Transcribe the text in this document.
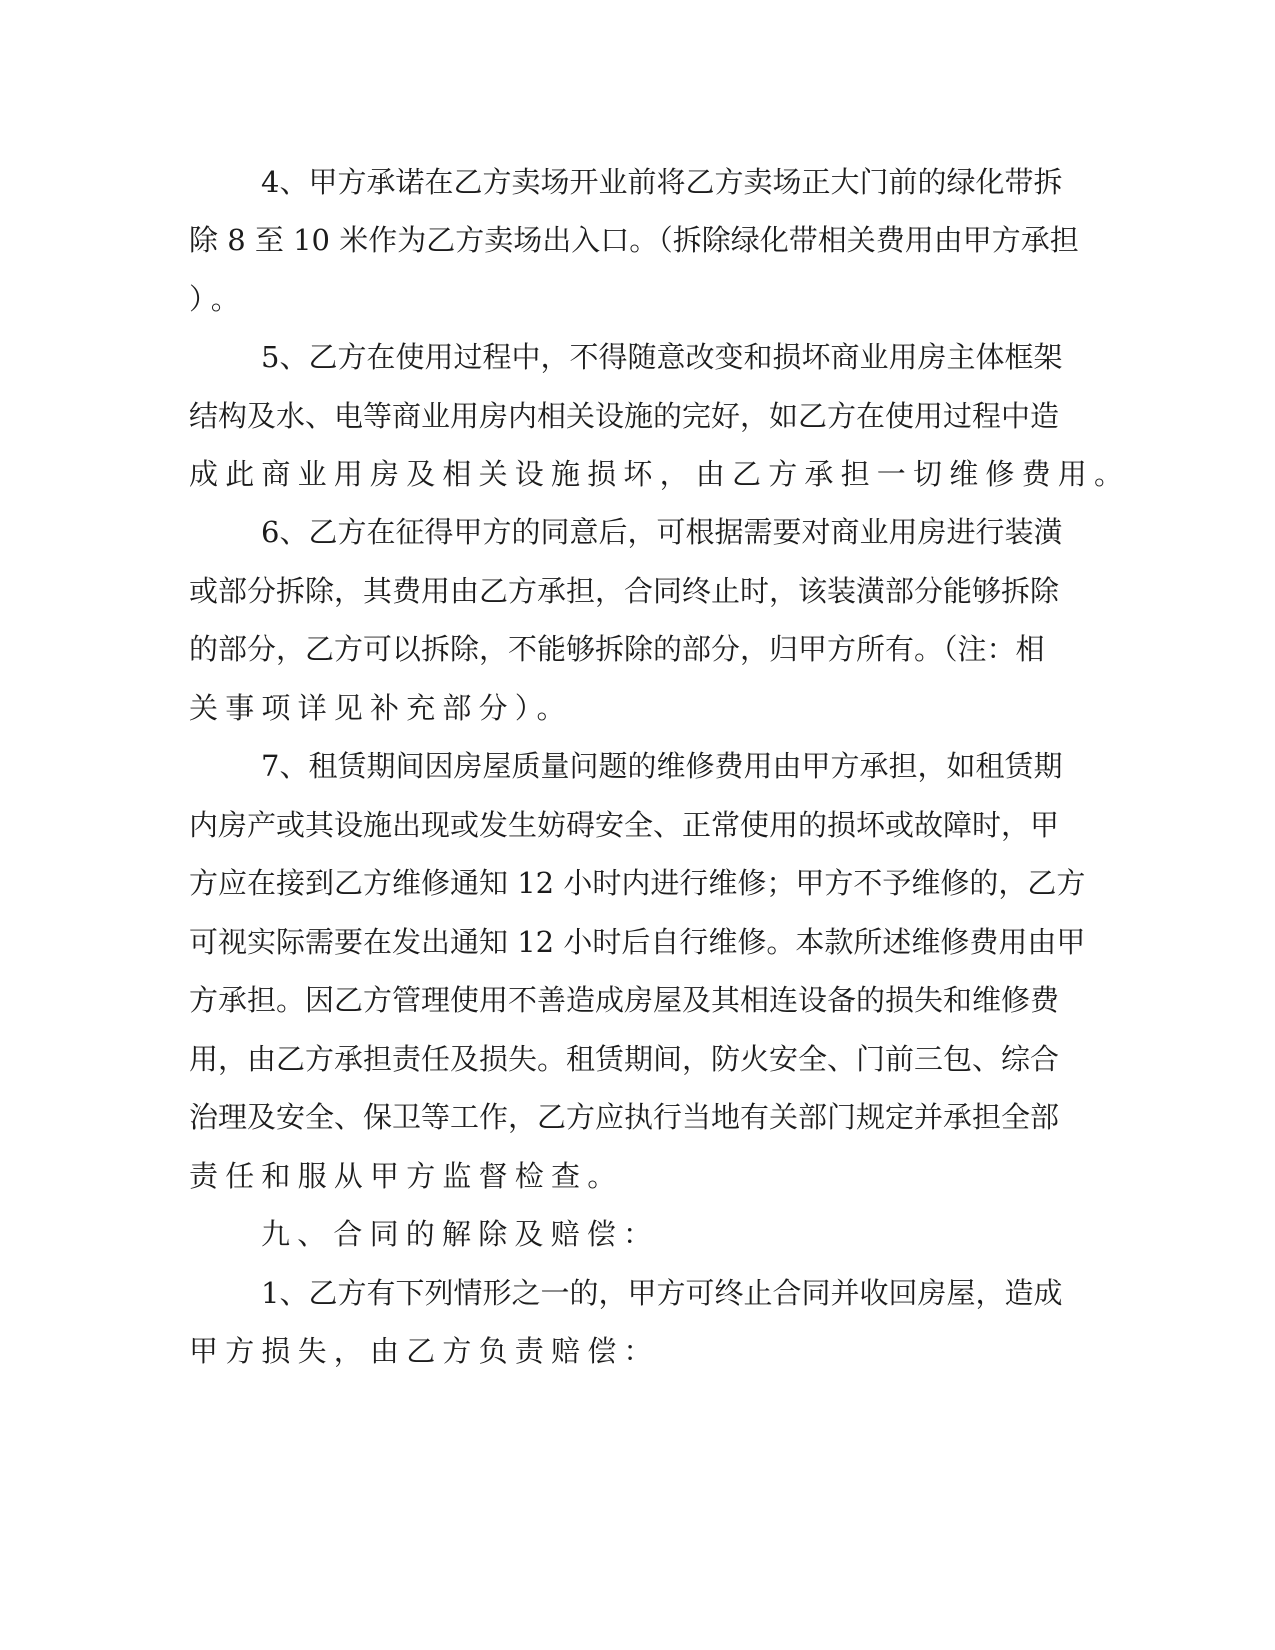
4、甲方承诺在乙方卖场开业前将乙方卖场正大门前的绿化带拆
除 8 至 10 米作为乙方卖场出入口。（拆除绿化带相关费用由甲方承担
）。
5、乙方在使用过程中，不得随意改变和损坏商业用房主体框架
结构及水、电等商业用房内相关设施的完好，如乙方在使用过程中造
成此商业用房及相关设施损坏，由乙方承担一切维修费用。
6、乙方在征得甲方的同意后，可根据需要对商业用房进行装潢
或部分拆除，其费用由乙方承担，合同终止时，该装潢部分能够拆除
的部分，乙方可以拆除，不能够拆除的部分，归甲方所有。（注：相
关事项详见补充部分）。
7、租赁期间因房屋质量问题的维修费用由甲方承担，如租赁期
内房产或其设施出现或发生妨碍安全、正常使用的损坏或故障时，甲
方应在接到乙方维修通知 12 小时内进行维修；甲方不予维修的，乙方
可视实际需要在发出通知 12 小时后自行维修。本款所述维修费用由甲
方承担。因乙方管理使用不善造成房屋及其相连设备的损失和维修费
用，由乙方承担责任及损失。租赁期间，防火安全、门前三包、综合
治理及安全、保卫等工作，乙方应执行当地有关部门规定并承担全部
责任和服从甲方监督检查。
九、合同的解除及赔偿：
1、乙方有下列情形之一的，甲方可终止合同并收回房屋，造成
甲方损失，由乙方负责赔偿：
